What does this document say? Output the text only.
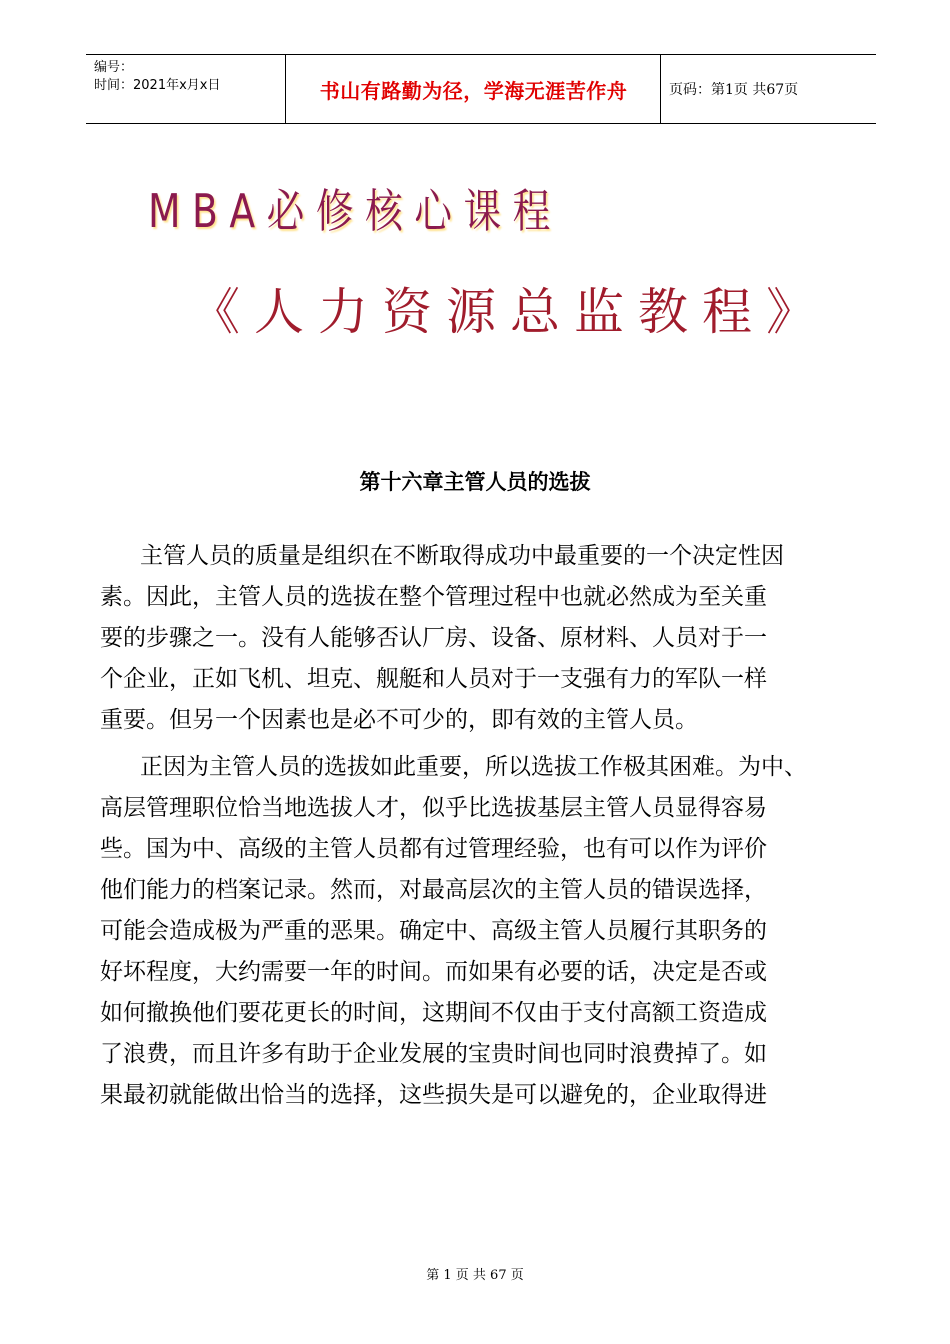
编号：
时间：2021年x月x日	书山有路勤为径，学海无涯苦作舟	页码：第1页 共67页
MBA必修核心课程
《人力资源总监教程》
第十六章主管人员的选拔
主管人员的质量是组织在不断取得成功中最重要的一个决定性因
素。因此，主管人员的选拔在整个管理过程中也就必然成为至关重
要的步骤之一。没有人能够否认厂房、设备、原材料、人员对于一
个企业，正如飞机、坦克、舰艇和人员对于一支强有力的军队一样
重要。但另一个因素也是必不可少的，即有效的主管人员。
正因为主管人员的选拔如此重要，所以选拔工作极其困难。为中、
高层管理职位恰当地选拔人才，似乎比选拔基层主管人员显得容易
些。国为中、高级的主管人员都有过管理经验，也有可以作为评价
他们能力的档案记录。然而，对最高层次的主管人员的错误选择，
可能会造成极为严重的恶果。确定中、高级主管人员履行其职务的
好坏程度，大约需要一年的时间。而如果有必要的话，决定是否或
如何撤换他们要花更长的时间，这期间不仅由于支付高额工资造成
了浪费，而且许多有助于企业发展的宝贵时间也同时浪费掉了。如
果最初就能做出恰当的选择，这些损失是可以避免的，企业取得进
第 1 页 共 67 页
